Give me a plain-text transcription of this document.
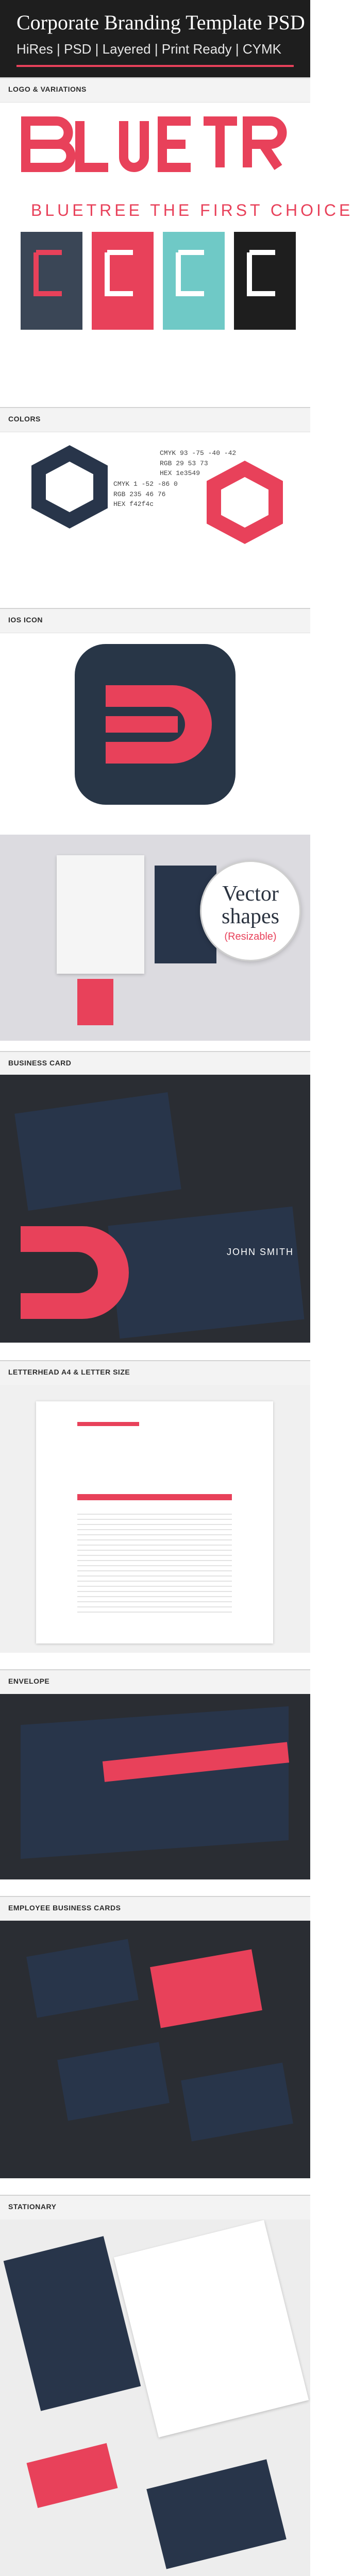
Corporate Branding Template PSD
HiRes | PSD | Layered | Print Ready | CYMK
LOGO & VARIATIONS
BLUETREE THE FIRST CHOICE
COLORS
CMYK 1 -52 -86 0
RGB 235 46 76
HEX f42f4c
CMYK 93 -75 -40 -42
RGB 29 53 73
HEX 1e3549
IOS ICON
Vector shapes
(Resizable)
BUSINESS CARD
JOHN SMITH
LETTERHEAD A4 & LETTER SIZE
ENVELOPE
EMPLOYEE BUSINESS CARDS
STATIONARY
